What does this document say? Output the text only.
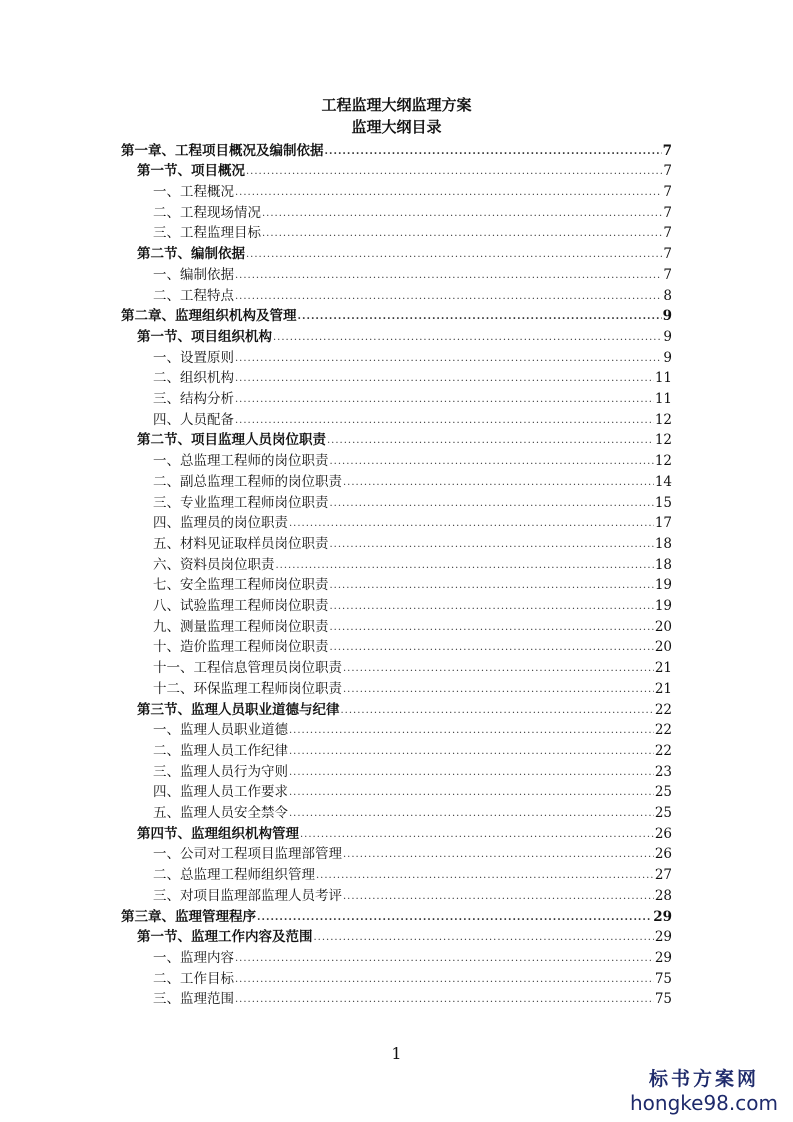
工程监理大纲监理方案
监理大纲目录
第一章、工程项目概况及编制依据 .....	7
第一节、项目概况 .....	7
一、工程概况 .....	7
二、工程现场情况 .....	7
三、工程监理目标 .....	7
第二节、编制依据 .....	7
一、编制依据 .....	7
二、工程特点 .....	8
第二章、监理组织机构及管理 .....	9
第一节、项目组织机构 .....	9
一、设置原则 .....	9
二、组织机构 .....	11
三、结构分析 .....	11
四、人员配备 .....	12
第二节、项目监理人员岗位职责 .....	12
一、总监理工程师的岗位职责 .....	12
二、副总监理工程师的岗位职责 .....	14
三、专业监理工程师岗位职责 .....	15
四、监理员的岗位职责 .....	17
五、材料见证取样员岗位职责 .....	18
六、资料员岗位职责 .....	18
七、安全监理工程师岗位职责 .....	19
八、试验监理工程师岗位职责 .....	19
九、测量监理工程师岗位职责 .....	20
十、造价监理工程师岗位职责 .....	20
十一、工程信息管理员岗位职责 .....	21
十二、环保监理工程师岗位职责 .....	21
第三节、监理人员职业道德与纪律 .....	22
一、监理人员职业道德 .....	22
二、监理人员工作纪律 .....	22
三、监理人员行为守则 .....	23
四、监理人员工作要求 .....	25
五、监理人员安全禁令 .....	25
第四节、监理组织机构管理 .....	26
一、公司对工程项目监理部管理 .....	26
二、总监理工程师组织管理 .....	27
三、对项目监理部监理人员考评 .....	28
第三章、监理管理程序 .....	29
第一节、监理工作内容及范围 .....	29
一、监理内容 .....	29
二、工作目标 .....	75
三、监理范围 .....	75
1
标书方案网
hongke98.com
